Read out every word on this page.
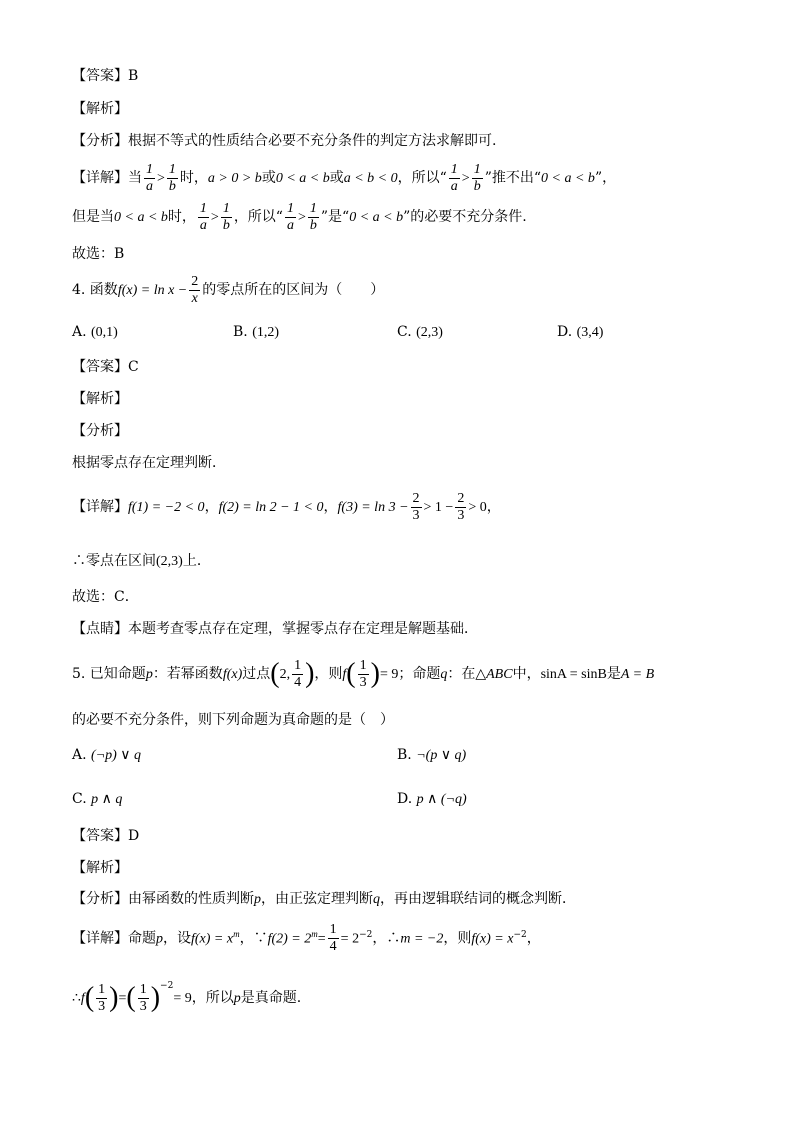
【答案】B
【解析】
【分析】根据不等式的性质结合必要不充分条件的判定方法求解即可.
【详解】当 $\frac{1}{a} > \frac{1}{b}$ 时，a > 0 > b或0 < a < b或a < b < 0，所以“ $\frac{1}{a} > \frac{1}{b}$ ”推不出“0 < a < b”，
但是当0 < a < b时， $\frac{1}{a} > \frac{1}{b}$ ，所以“ $\frac{1}{a} > \frac{1}{b}$ ”是“0 < a < b”的必要不充分条件.
故选：B
4. 函数$f(x) = \ln x - \frac{2}{x}$ 的零点所在的区间为（　　）
A. (0,1)	B. (1,2)	C. (2,3)	D. (3,4)
【答案】C
【解析】
【分析】
根据零点存在定理判断．
【详解】f(1) = −2 < 0，f(2) = ln 2 − 1 < 0，$f(3) = \ln 3 - \frac{2}{3} > 1 - \frac{2}{3} > 0$，
∴零点在区间(2,3)上．
故选：C．
【点睛】本题考查零点存在定理，掌握零点存在定理是解题基础．
5. 已知命题p：若幂函数f(x)过点(2, $\frac{1}{4}$ )，则$f( \frac{1}{3}$ )= 9；命题q：在△ABC中，sinA = sinB是A = B
的必要不充分条件，则下列命题为真命题的是（　）
A. (¬p) ∨ q	B. ¬(p ∨ q)
C. p ∧ q	D. p ∧ (¬q)
【答案】D
【解析】
【分析】由幂函数的性质判断p，由正弦定理判断q，再由逻辑联结词的概念判断．
【详解】命题p，设$f(x) = x^m$，∵f(2) = $2^m= \frac{1}{4} = 2^{-2}$，∴m = −2，则$f(x) = x^{-2}$，
∴f( $\frac{1}{3}$ )=( $\frac{1}{3} )^{-2}= 9$，所以p是真命题.
